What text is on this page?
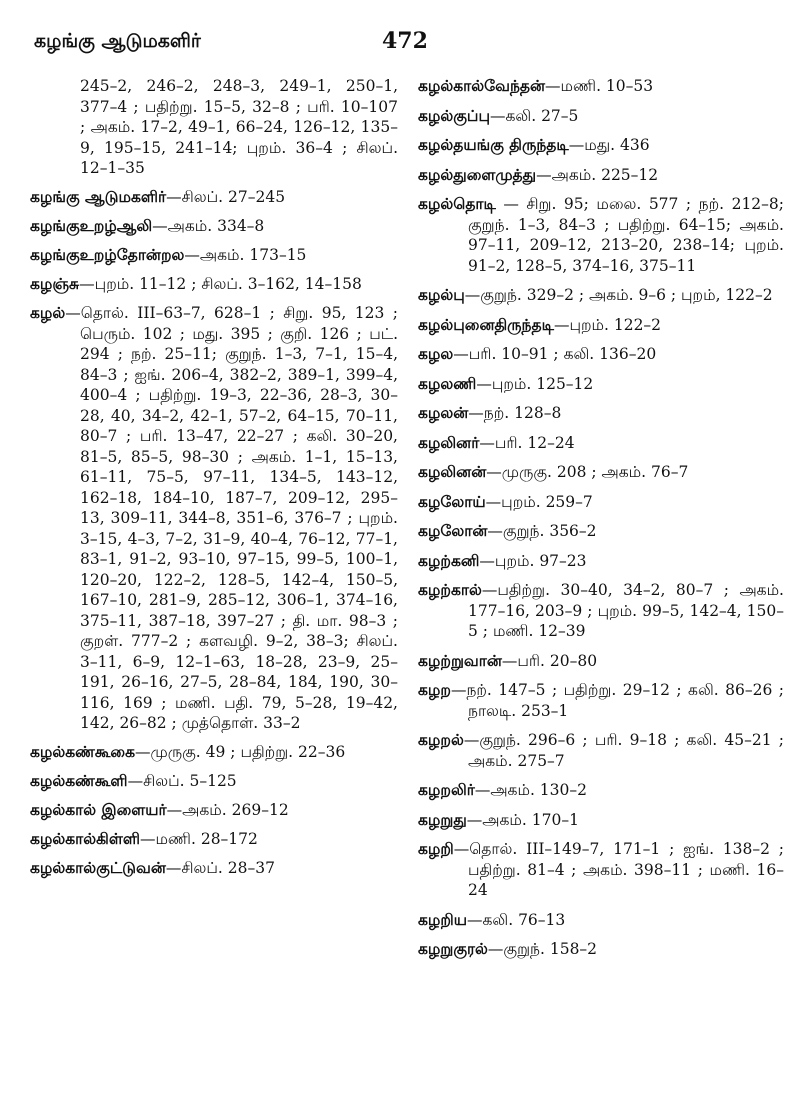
கழங்கு ஆடுமகளிர்	472
245–2, 246–2, 248–3, 249–1, 250–1, 377–4 ; பதிற்று. 15–5, 32–8 ; பரி. 10–107 ; அகம். 17–2, 49–1, 66–24, 126–12, 135–9, 195–15, 241–14; புறம். 36–4 ; சிலப். 12–1–35
கழங்கு ஆடுமகளிர்—சிலப். 27–245
கழங்குஉறழ்ஆலி—அகம். 334–8
கழங்குஉறழ்தோன்றல—அகம். 173–15
கழஞ்சு—புறம். 11–12 ; சிலப். 3–162, 14–158
கழல்—தொல். III–63–7, 628–1 ; சிறு. 95, 123 ; பெரும். 102 ; மது. 395 ; குறி. 126 ; பட். 294 ; நற். 25–11; குறுந். 1–3, 7–1, 15–4, 84–3 ; ஐங். 206–4, 382–2, 389–1, 399–4, 400–4 ; பதிற்று. 19–3, 22–36, 28–3, 30–28, 40, 34–2, 42–1, 57–2, 64–15, 70–11, 80–7 ; பரி. 13–47, 22–27 ; கலி. 30–20, 81–5, 85–5, 98–30 ; அகம். 1–1, 15–13, 61–11, 75–5, 97–11, 134–5, 143–12, 162–18, 184–10, 187–7, 209–12, 295–13, 309–11, 344–8, 351–6, 376–7 ; புறம். 3–15, 4–3, 7–2, 31–9, 40–4, 76–12, 77–1, 83–1, 91–2, 93–10, 97–15, 99–5, 100–1, 120–20, 122–2, 128–5, 142–4, 150–5, 167–10, 281–9, 285–12, 306–1, 374–16, 375–11, 387–18, 397–27 ; தி. மா. 98–3 ; குறள். 777–2 ; களவழி. 9–2, 38–3; சிலப். 3–11, 6–9, 12–1–63, 18–28, 23–9, 25–191, 26–16, 27–5, 28–84, 184, 190, 30–116, 169 ; மணி. பதி. 79, 5–28, 19–42, 142, 26–82 ; முத்தொள். 33–2
கழல்கண்கூகை—முருகு. 49 ; பதிற்று. 22–36
கழல்கண்கூளி—சிலப். 5–125
கழல்கால் இளையர்—அகம். 269–12
கழல்கால்கிள்ளி—மணி. 28–172
கழல்கால்குட்டுவன்—சிலப். 28–37
கழல்கால்வேந்தன்—மணி. 10–53
கழல்குப்பு—கலி. 27–5
கழல்தயங்கு திருந்தடி—மது. 436
கழல்துளைமுத்து—அகம். 225–12
கழல்தொடி — சிறு. 95; மலை. 577 ; நற். 212–8; குறுந். 1–3, 84–3 ; பதிற்று. 64–15; அகம். 97–11, 209–12, 213–20, 238–14; புறம். 91–2, 128–5, 374–16, 375–11
கழல்பு—குறுந். 329–2 ; அகம். 9–6 ; புறம், 122–2
கழல்புனைதிருந்தடி—புறம். 122–2
கழல—பரி. 10–91 ; கலி. 136–20
கழலணி—புறம். 125–12
கழலன்—நற். 128–8
கழலினர்—பரி. 12–24
கழலினன்—முருகு. 208 ; அகம். 76–7
கழலோய்—புறம். 259–7
கழலோன்—குறுந். 356–2
கழற்கனி—புறம். 97–23
கழற்கால்—பதிற்று. 30–40, 34–2, 80–7 ; அகம். 177–16, 203–9 ; புறம். 99–5, 142–4, 150–5 ; மணி. 12–39
கழற்றுவான்—பரி. 20–80
கழற—நற். 147–5 ; பதிற்று. 29–12 ; கலி. 86–26 ; நாலடி. 253–1
கழறல்—குறுந். 296–6 ; பரி. 9–18 ; கலி. 45–21 ; அகம். 275–7
கழறலிர்—அகம். 130–2
கழறுது—அகம். 170–1
கழறி—தொல். III–149–7, 171–1 ; ஐங். 138–2 ; பதிற்று. 81–4 ; அகம். 398–11 ; மணி. 16–24
கழறிய—கலி. 76–13
கழறுகுரல்—குறுந். 158–2
